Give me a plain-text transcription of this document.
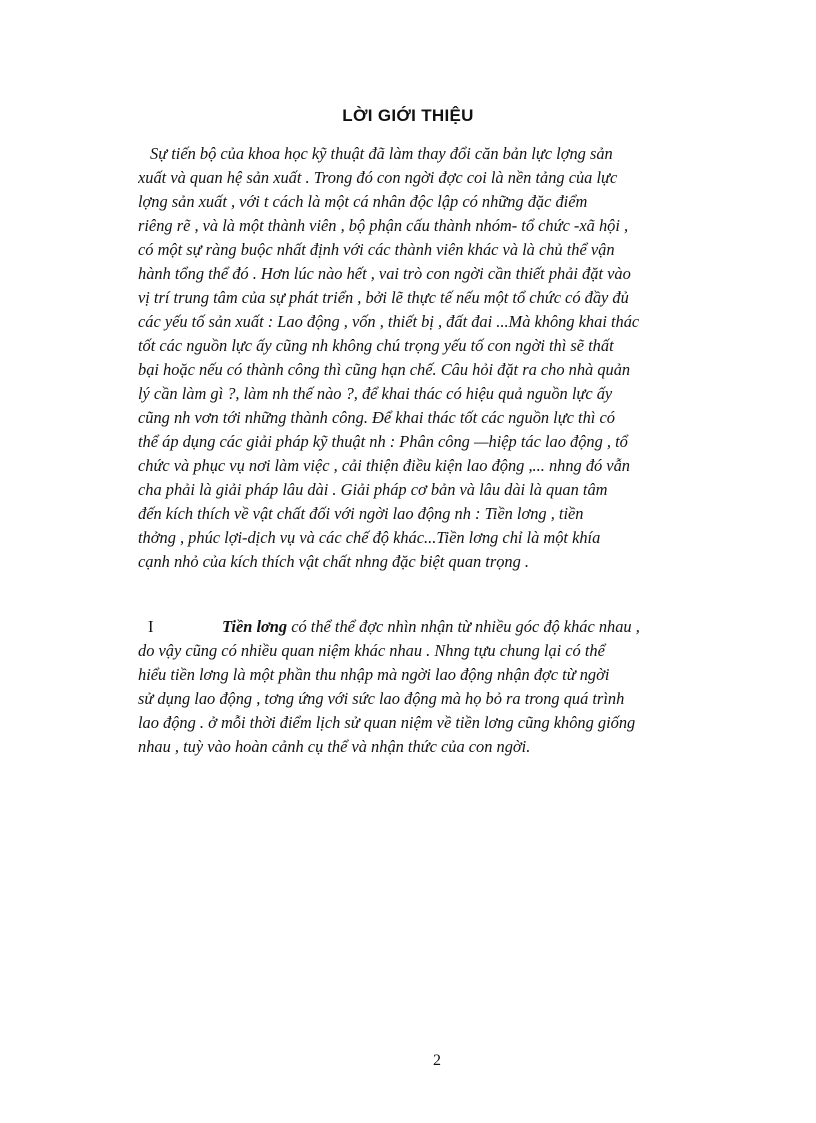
LỜI GIỚI THIỆU
Sự tiến bộ của khoa học kỹ thuật đã làm thay đổi căn bản lực lợng sản
xuất và quan hệ sản xuất . Trong đó con ngời đợc coi là nền tảng của lực
lợng sản xuất , với t cách là một cá nhân độc lập có những đặc điểm
riêng rẽ , và là một thành viên , bộ phận cấu thành nhóm- tổ chức -xã hội ,
có một sự ràng buộc nhất định với các thành viên khác và là chủ thể vận
hành tổng thể đó . Hơn lúc nào hết , vai trò con ngời cần thiết phải đặt vào
vị trí trung tâm của sự phát triển , bởi lẽ thực tế nếu một tổ chức có đầy đủ
các yếu tố sản xuất : Lao động , vốn , thiết bị , đất đai ...Mà không khai thác
tốt các nguồn lực ấy cũng nh không chú trọng yếu tố con ngời thì sẽ thất
bại hoặc nếu có thành công thì cũng hạn chế. Câu hỏi đặt ra cho nhà quản
lý cần làm gì ?, làm nh thế nào ?, để khai thác có hiệu quả nguồn lực ấy
cũng nh vơn tới những thành công. Để khai thác tốt các nguồn lực thì có
thể áp dụng các giải pháp kỹ thuật nh : Phân công —hiệp tác lao động , tổ
chức và phục vụ nơi làm việc , cải thiện điều kiện lao động ,... nhng đó vẫn
cha phải là giải pháp lâu dài . Giải pháp cơ bản và lâu dài là quan tâm
đến kích thích về vật chất đối với ngời lao động nh : Tiền lơng , tiền
thởng , phúc lợi-dịch vụ và các chế độ khác...Tiền lơng chỉ là một khía
cạnh nhỏ của kích thích vật chất nhng đặc biệt quan trọng .
I	Tiền lơng có thể thể đợc nhìn nhận từ nhiều góc độ khác nhau ,
do vậy cũng có nhiều quan niệm khác nhau . Nhng tựu chung lại có thể
hiểu tiền lơng là một phần thu nhập mà ngời lao động nhận đợc từ ngời
sử dụng lao động , tơng ứng với sức lao động mà họ bỏ ra trong quá trình
lao động . ở mỗi thời điểm lịch sử quan niệm về tiền lơng cũng không giống
nhau , tuỳ vào hoàn cảnh cụ thể và nhận thức của con ngời.
2
